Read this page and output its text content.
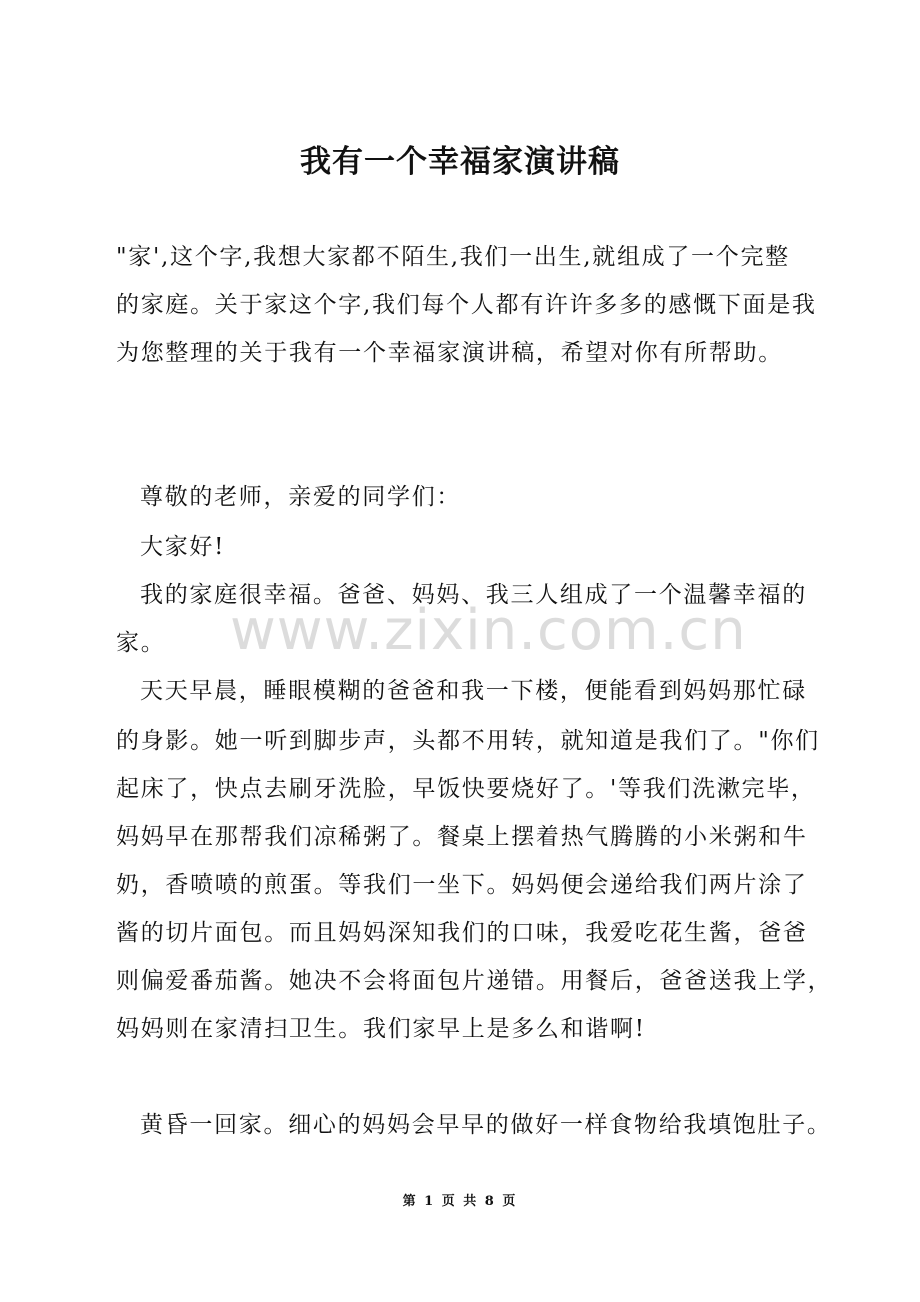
我有一个幸福家演讲稿
"家',这个字,我想大家都不陌生,我们一出生,就组成了一个完整
的家庭。关于家这个字,我们每个人都有许许多多的感慨下面是我
为您整理的关于我有一个幸福家演讲稿，希望对你有所帮助。
尊敬的老师，亲爱的同学们：
大家好!
我的家庭很幸福。爸爸、妈妈、我三人组成了一个温馨幸福的
家。
天天早晨，睡眼模糊的爸爸和我一下楼，便能看到妈妈那忙碌
的身影。她一听到脚步声，头都不用转，就知道是我们了。"你们
起床了，快点去刷牙洗脸，早饭快要烧好了。'等我们洗漱完毕，
妈妈早在那帮我们凉稀粥了。餐桌上摆着热气腾腾的小米粥和牛
奶，香喷喷的煎蛋。等我们一坐下。妈妈便会递给我们两片涂了
酱的切片面包。而且妈妈深知我们的口味，我爱吃花生酱，爸爸
则偏爱番茄酱。她决不会将面包片递错。用餐后，爸爸送我上学，
妈妈则在家清扫卫生。我们家早上是多么和谐啊!
黄昏一回家。细心的妈妈会早早的做好一样食物给我填饱肚子。
www.zixin.com.cn
第 1 页 共 8 页
